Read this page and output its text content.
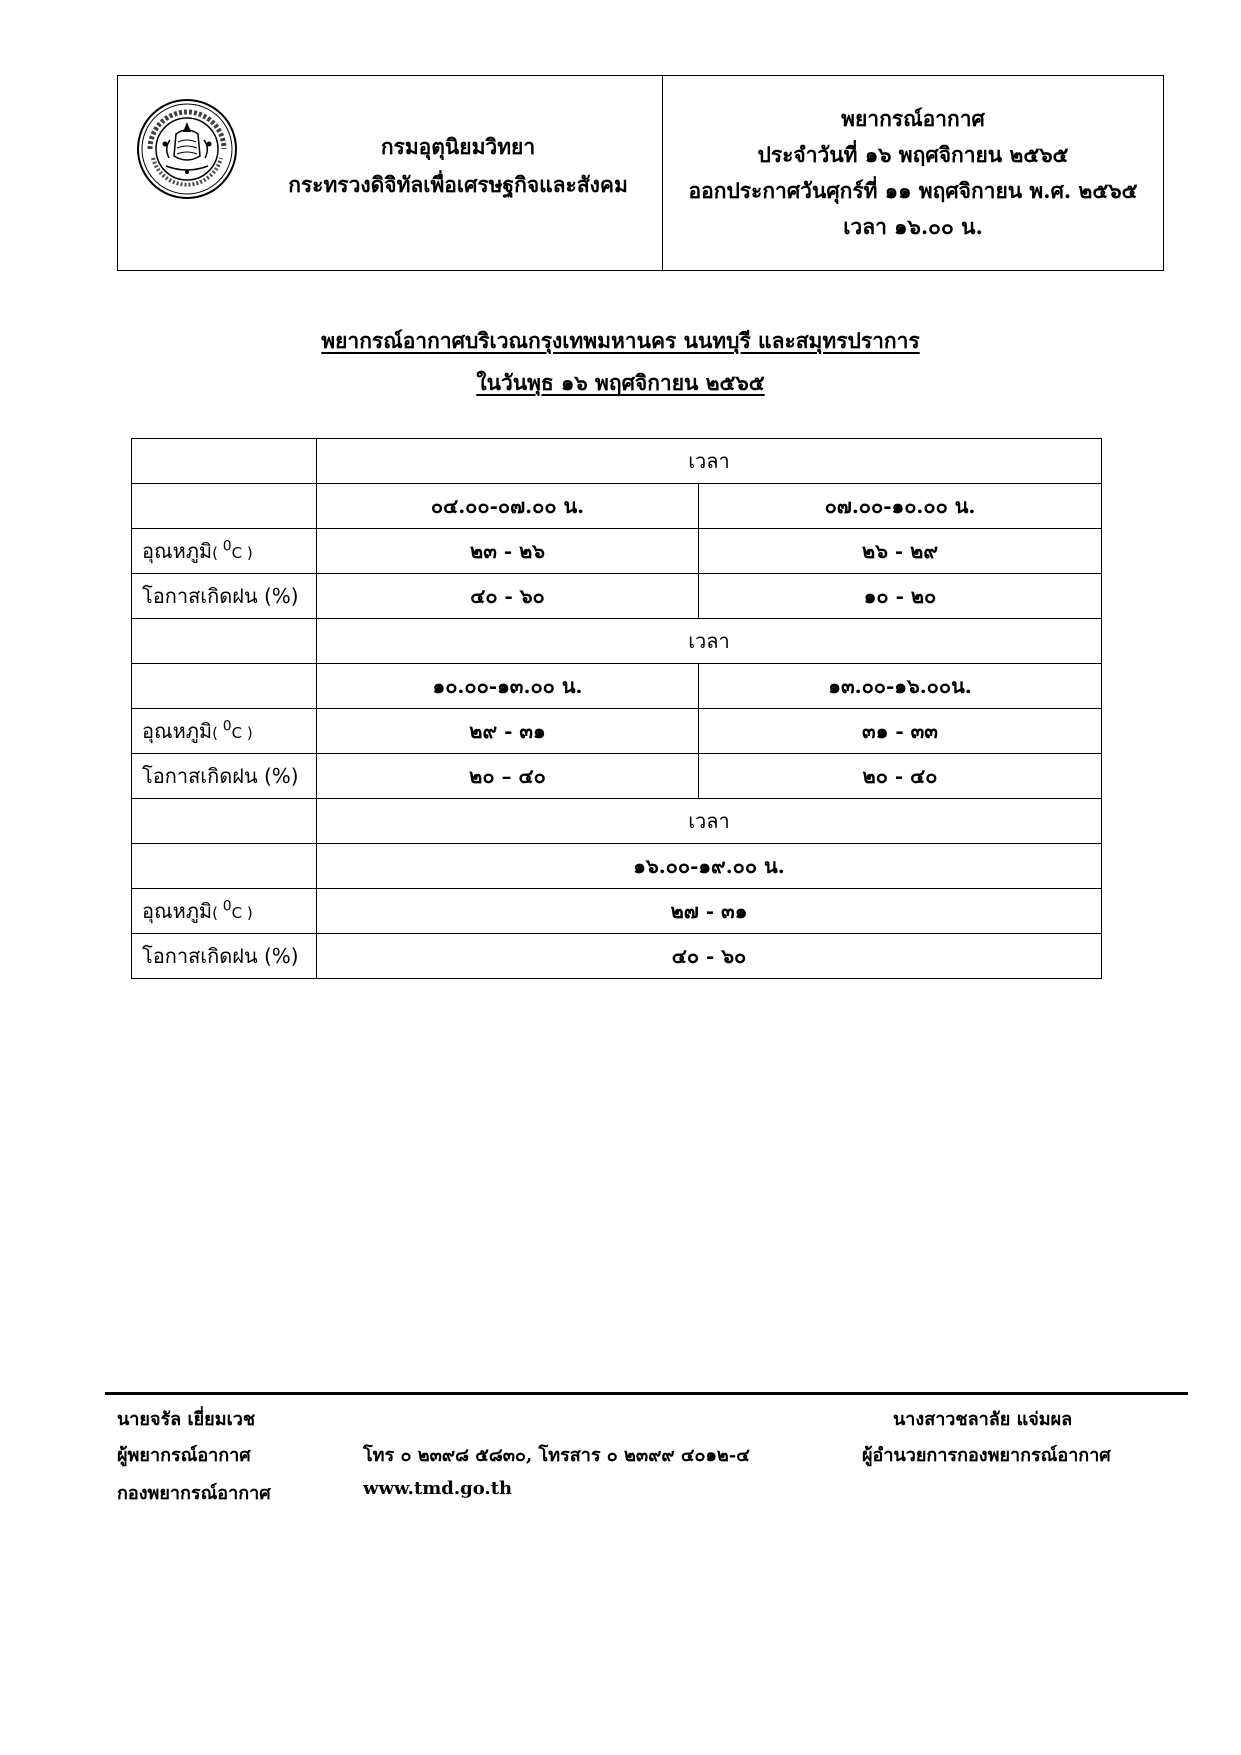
กรมอุตุนิยมวิทยา
กระทรวงดิจิทัลเพื่อเศรษฐกิจและสังคม
พยากรณ์อากาศ
ประจำวันที่ ๑๖ พฤศจิกายน ๒๕๖๕
ออกประกาศวันศุกร์ที่ ๑๑ พฤศจิกายน พ.ศ. ๒๕๖๕
เวลา ๑๖.๐๐ น.
พยากรณ์อากาศบริเวณกรุงเทพมหานคร นนทบุรี และสมุทรปราการ
ในวันพุธ ๑๖ พฤศจิกายน ๒๕๖๕
	เวลา	
	๐๔.๐๐-๐๗.๐๐ น.	๐๗.๐๐-๑๐.๐๐ น.
อุณหภูมิ( $^0$C )	๒๓ - ๒๖	๒๖ - ๒๙
โอกาสเกิดฝน (%)	๔๐ - ๖๐	๑๐ - ๒๐
	เวลา	
	๑๐.๐๐-๑๓.๐๐ น.	๑๓.๐๐-๑๖.๐๐น.
อุณหภูมิ( $^0$C )	๒๙ - ๓๑	๓๑ - ๓๓
โอกาสเกิดฝน (%)	๒๐ – ๔๐	๒๐ - ๔๐
	เวลา	
	๑๖.๐๐-๑๙.๐๐ น.	
อุณหภูมิ( $^0$C )	๒๗ - ๓๑	
โอกาสเกิดฝน (%)	๔๐ - ๖๐	
นายจรัล เยี่ยมเวช
ผู้พยากรณ์อากาศ
กองพยากรณ์อากาศ
โทร ๐ ๒๓๙๘ ๕๘๓๐, โทรสาร ๐ ๒๓๙๙ ๔๐๑๒-๔
www.tmd.go.th
นางสาวชลาลัย แจ่มผล
ผู้อำนวยการกองพยากรณ์อากาศ
